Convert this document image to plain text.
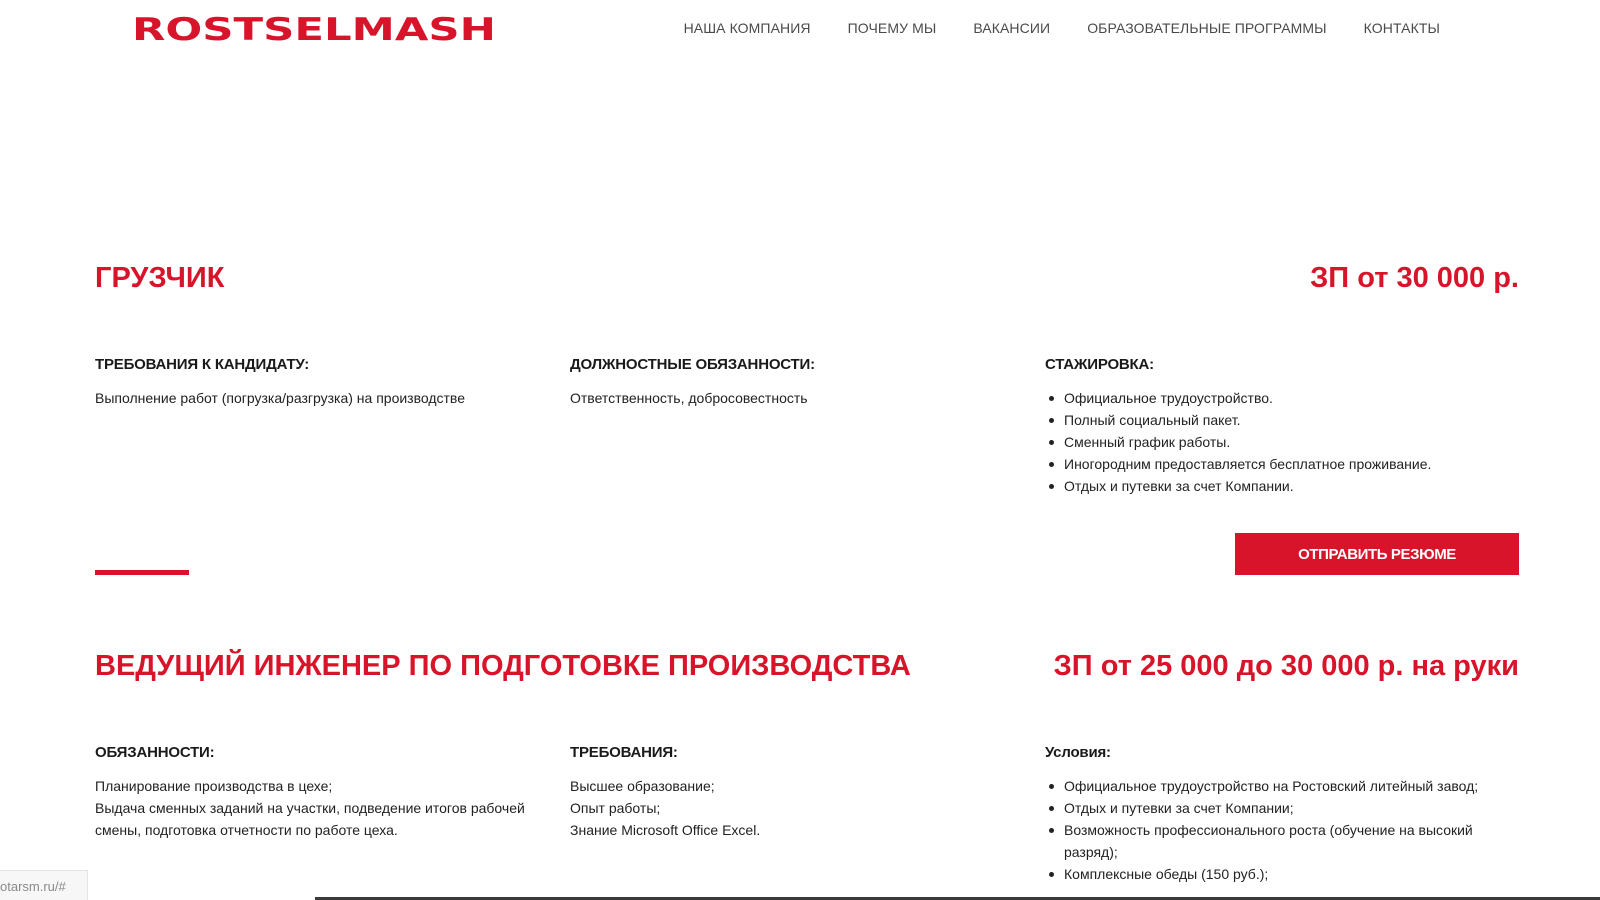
ROSTSELMASH	НАША КОМПАНИЯ	ПОЧЕМУ МЫ	ВАКАНСИИ	ОБРАЗОВАТЕЛЬНЫЕ ПРОГРАММЫ	КОНТАКТЫ
ГРУЗЧИК	ЗП от 30 000 р.
ТРЕБОВАНИЯ К КАНДИДАТУ:

Выполнение работ (погрузка/разгрузка) на производстве

ДОЛЖНОСТНЫЕ ОБЯЗАННОСТИ:

Ответственность, добросовестность

СТАЖИРОВКА:
Официальное трудоустройство.
Полный социальный пакет.
Сменный график работы.
Иногородним предоставляется бесплатное проживание.
Отдых и путевки за счет Компании.
ОТПРАВИТЬ РЕЗЮМЕ
ВЕДУЩИЙ ИНЖЕНЕР ПО ПОДГОТОВКЕ ПРОИЗВОДСТВА	ЗП от 25 000 до 30 000 р. на руки
ОБЯЗАННОСТИ:

Планирование производства в цехе;

Выдача сменных заданий на участки, подведение итогов рабочей смены, подготовка отчетности по работе цеха.

ТРЕБОВАНИЯ:

Высшее образование;

Опыт работы;

Знание Microsoft Office Excel.

Условия:
Официальное трудоустройство на Ростовский литейный завод;
Отдых и путевки за счет Компании;
Возможность профессионального роста (обучение на высокий разряд);
Комплексные обеды (150 руб.);
otarsm.ru/#
